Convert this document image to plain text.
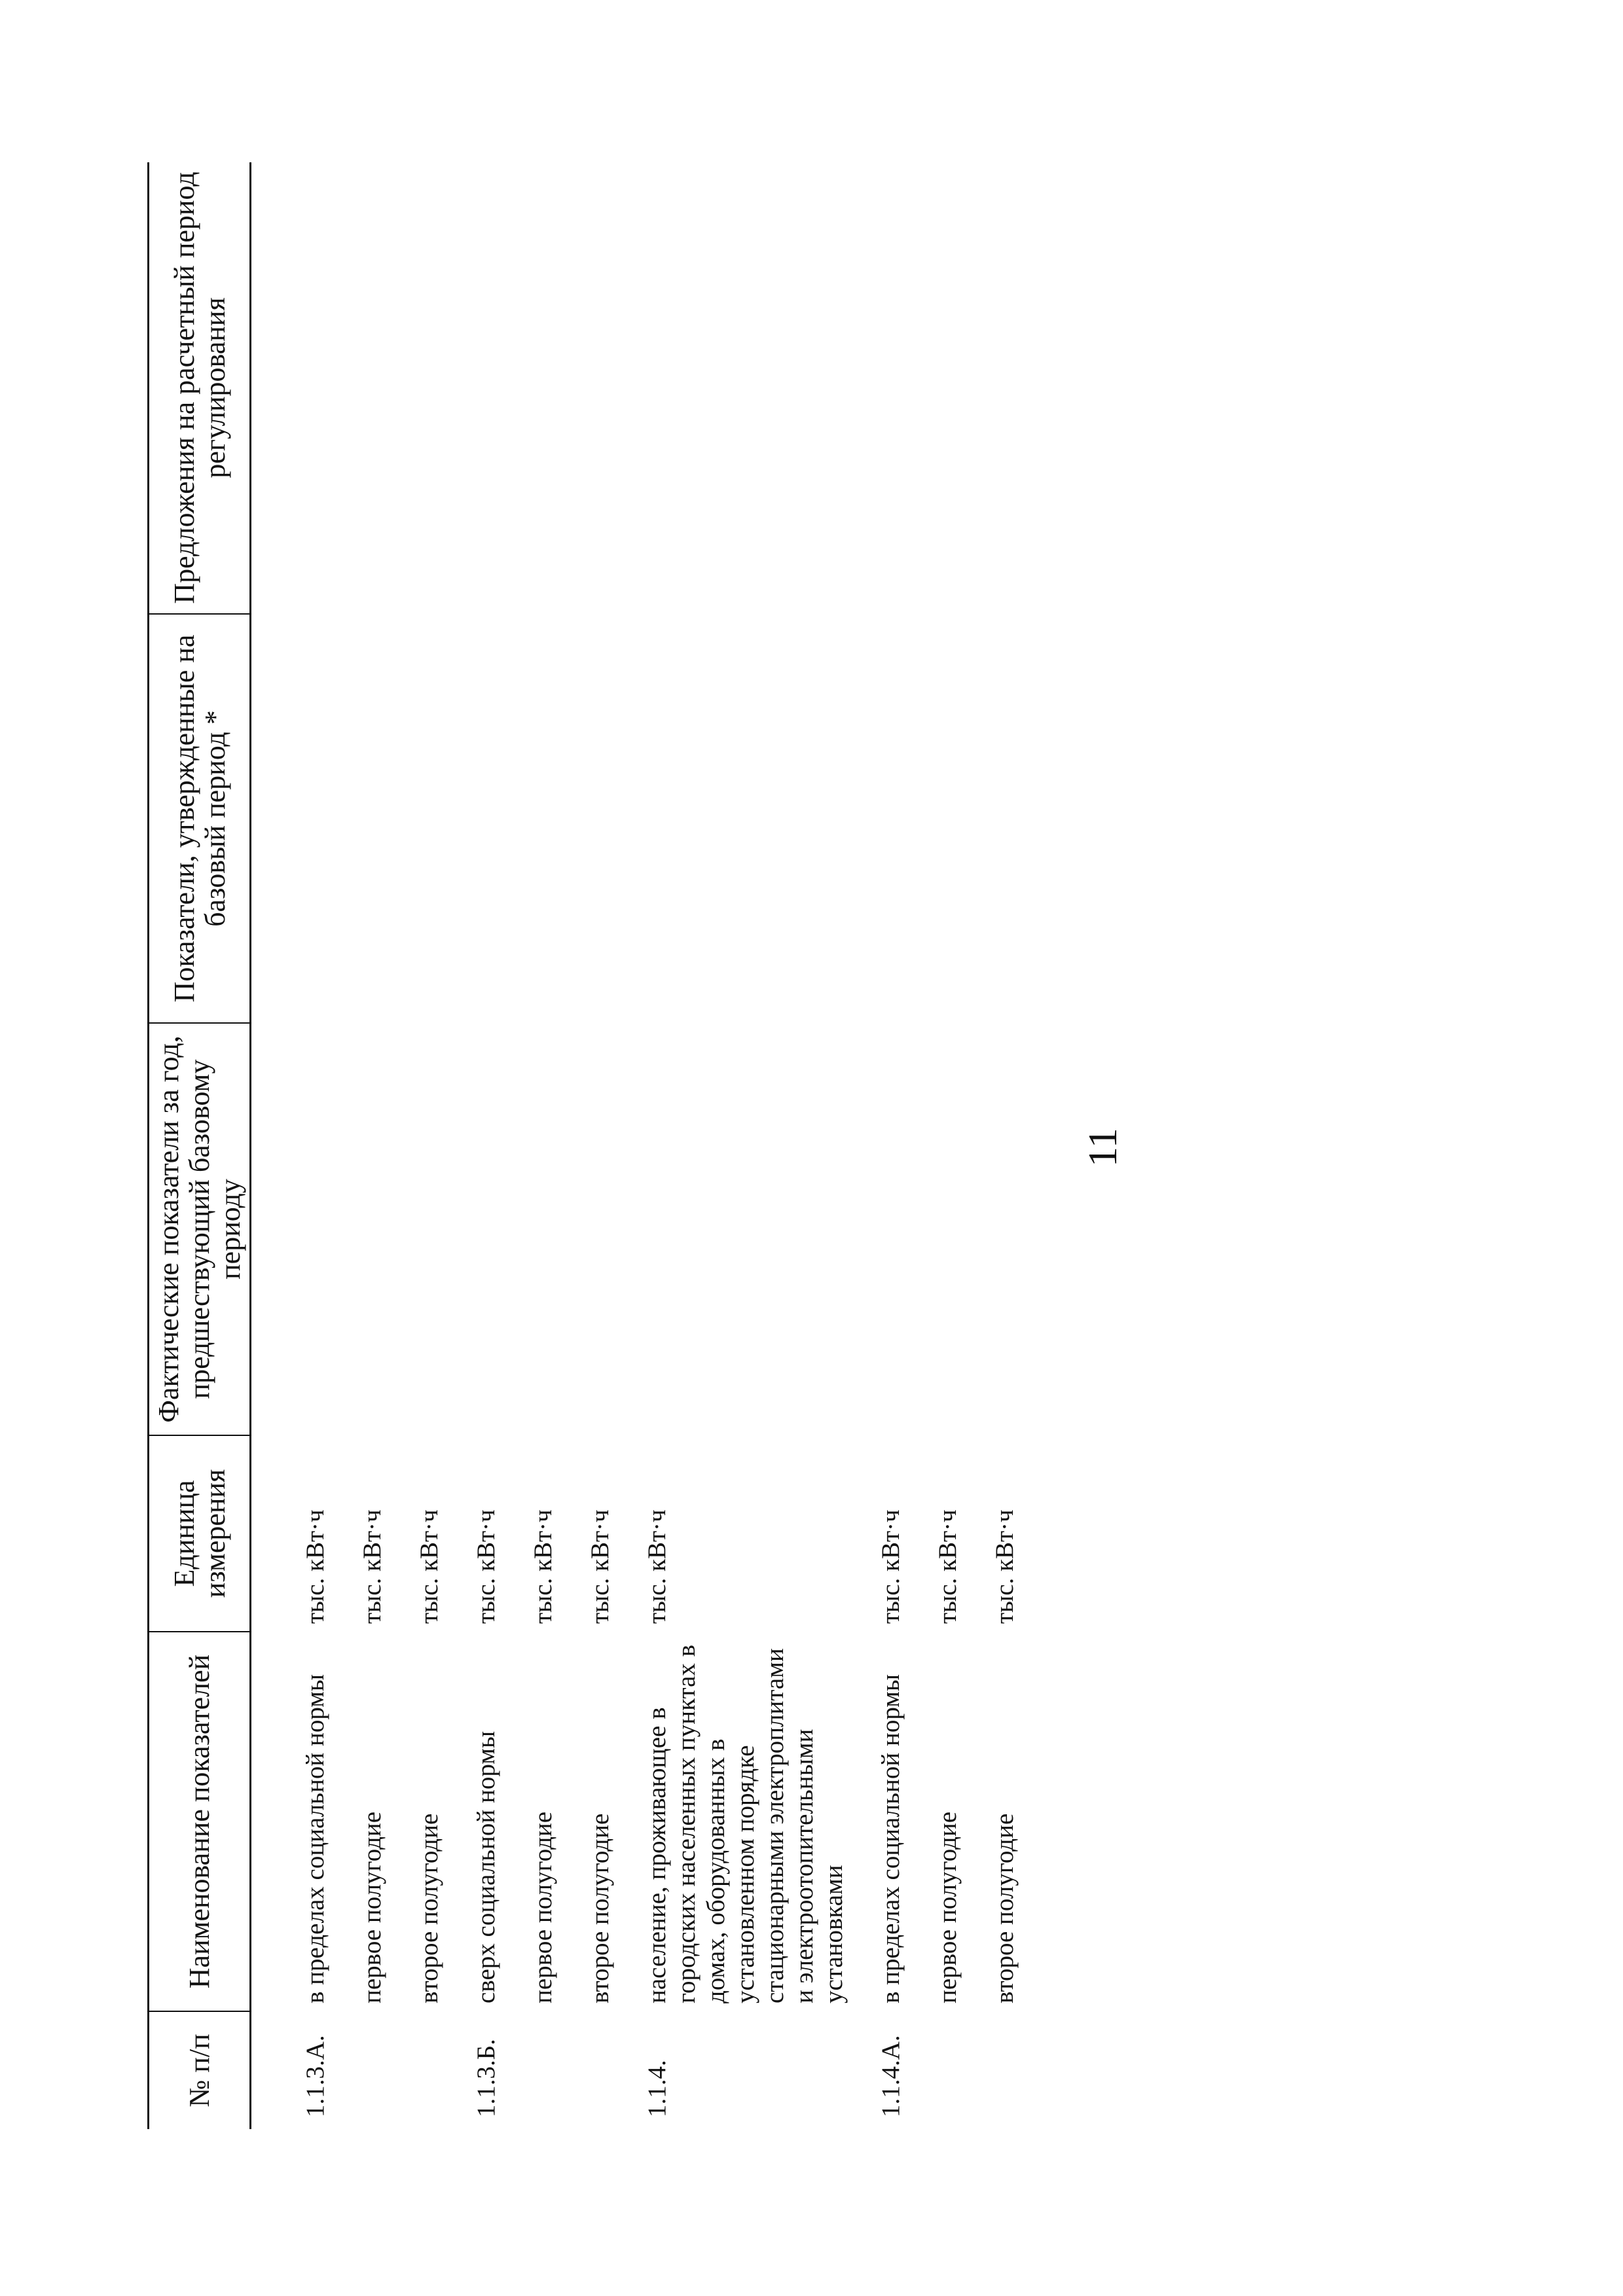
11
№ п/п	Наименование показателей	Единица измерения	Фактические показатели за год, предшествующий базовому периоду	Показатели, утвержденные на базовый период *	Предложения на расчетный период регулирования
1.1.3.А.	в пределах социальной нормы	тыс. кВт·ч			
	первое полугодие	тыс. кВт·ч			
	второе полугодие	тыс. кВт·ч			
1.1.3.Б.	сверх социальной нормы	тыс. кВт·ч			
	первое полугодие	тыс. кВт·ч			
	второе полугодие	тыс. кВт·ч			
1.1.4.	население, проживающее в городских населенных пунктах в домах, оборудованных в установленном порядке стационарными электроплитами и электроотопительными установками	тыс. кВт·ч			
1.1.4.А.	в пределах социальной нормы	тыс. кВт·ч			
	первое полугодие	тыс. кВт·ч			
	второе полугодие	тыс. кВт·ч			
